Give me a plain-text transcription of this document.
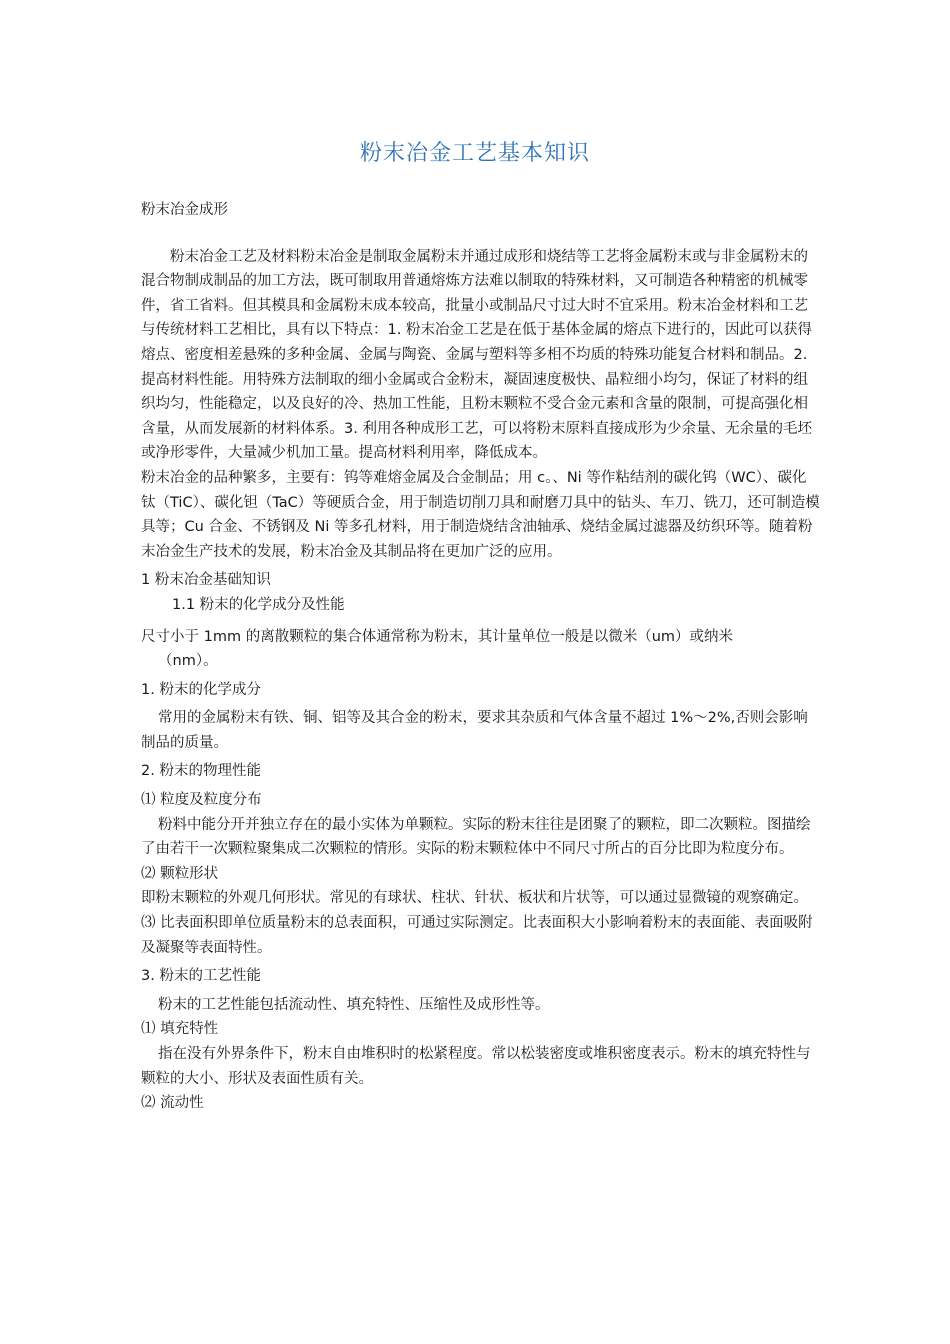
粉末冶金工艺基本知识

粉末冶金成形

粉末冶金工艺及材料粉末冶金是制取金属粉末并通过成形和烧结等工艺将金属粉末或与非金属粉末的混合物制成制品的加工方法，既可制取用普通熔炼方法难以制取的特殊材料，又可制造各种精密的机械零件，省工省料。但其模具和金属粉末成本较高，批量小或制品尺寸过大时不宜采用。粉末冶金材料和工艺与传统材料工艺相比，具有以下特点：1. 粉末冶金工艺是在低于基体金属的熔点下进行的，因此可以获得熔点、密度相差悬殊的多种金属、金属与陶瓷、金属与塑料等多相不均质的特殊功能复合材料和制品。2. 提高材料性能。用特殊方法制取的细小金属或合金粉末，凝固速度极快、晶粒细小均匀，保证了材料的组织均匀，性能稳定，以及良好的冷、热加工性能，且粉末颗粒不受合金元素和含量的限制，可提高强化相含量，从而发展新的材料体系。3. 利用各种成形工艺，可以将粉末原料直接成形为少余量、无余量的毛坯或净形零件，大量减少机加工量。提高材料利用率，降低成本。

粉末冶金的品种繁多，主要有：钨等难熔金属及合金制品；用 c。、Ni 等作粘结剂的碳化钨（WC）、碳化钛（TiC）、碳化钽（TaC）等硬质合金，用于制造切削刀具和耐磨刀具中的钻头、车刀、铣刀，还可制造模具等；Cu 合金、不锈钢及 Ni 等多孔材料，用于制造烧结含油轴承、烧结金属过滤器及纺织环等。随着粉末冶金生产技术的发展，粉末冶金及其制品将在更加广泛的应用。

1 粉末冶金基础知识

1.1 粉末的化学成分及性能

尺寸小于 1mm 的离散颗粒的集合体通常称为粉末，其计量单位一般是以微米（um）或纳米

（nm）。

1. 粉末的化学成分

常用的金属粉末有铁、铜、铝等及其合金的粉末，要求其杂质和气体含量不超过 1%〜2%,否则会影响制品的质量。

2. 粉末的物理性能

⑴ 粒度及粒度分布

粉料中能分开并独立存在的最小实体为单颗粒。实际的粉末往往是团聚了的颗粒，即二次颗粒。图描绘了由若干一次颗粒聚集成二次颗粒的情形。实际的粉末颗粒体中不同尺寸所占的百分比即为粒度分布。

⑵ 颗粒形状

即粉末颗粒的外观几何形状。常见的有球状、柱状、针状、板状和片状等，可以通过显微镜的观察确定。

⑶ 比表面积即单位质量粉末的总表面积，可通过实际测定。比表面积大小影响着粉末的表面能、表面吸附及凝聚等表面特性。

3. 粉末的工艺性能

粉末的工艺性能包括流动性、填充特性、压缩性及成形性等。

⑴ 填充特性

指在没有外界条件下，粉末自由堆积时的松紧程度。常以松装密度或堆积密度表示。粉末的填充特性与颗粒的大小、形状及表面性质有关。

⑵ 流动性
